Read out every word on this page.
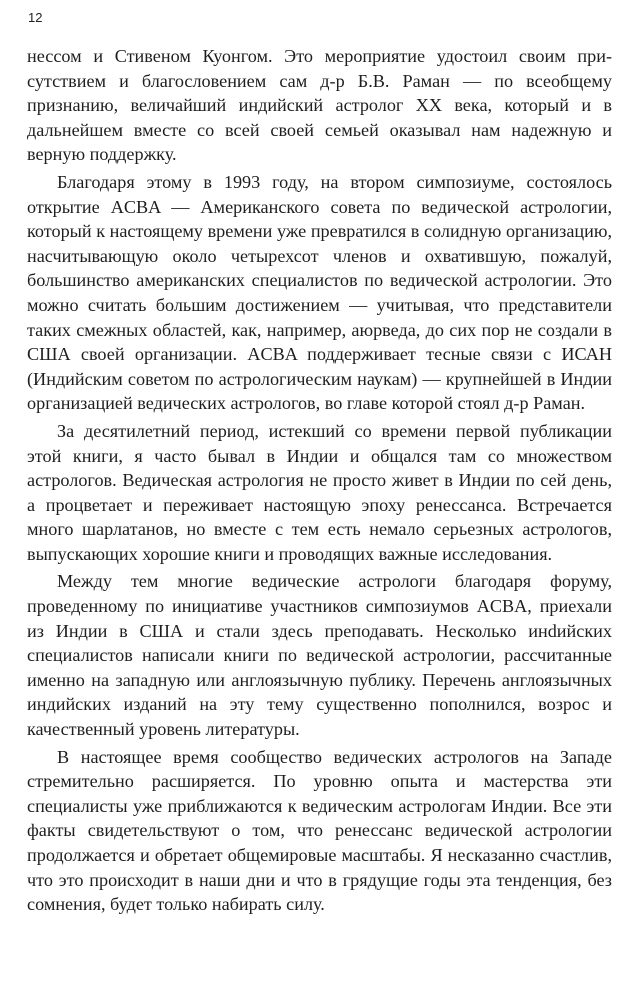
12

нессом и Стивеном Куонгом. Это мероприятие удостоил своим присутствием и благословением сам д-р Б.В. Раман — по всеобщему признанию, величайший индийский астролог XX века, который и в дальнейшем вместе со всей своей семьей оказывал нам надежную и верную поддержку.

Благодаря этому в 1993 году, на втором симпозиуме, состоялось открытие ACBA — Американского совета по ведической астрологии, который к настоящему времени уже превратился в солидную организацию, насчитывающую около четырехсот членов и охватившую, пожалуй, большинство американских специалистов по ведической астрологии. Это можно считать большим достижением — учитывая, что представители таких смежных областей, как, например, аюрведа, до сих пор не создали в США своей организации. ACBA поддерживает тесные связи с ИСАН (Индийским советом по астрологическим наукам) — крупнейшей в Индии организацией ведических астрологов, во главе которой стоял д-р Раман.

За десятилетний период, истекший со времени первой публикации этой книги, я часто бывал в Индии и общался там со множеством астрологов. Ведическая астрология не просто живет в Индии по сей день, а процветает и переживает настоящую эпоху ренессанса. Встречается много шарлатанов, но вместе с тем есть немало серьезных астрологов, выпускающих хорошие книги и проводящих важные исследования.

Между тем многие ведические астрологи благодаря форуму, проведенному по инициативе участников симпозиумов ACBA, приехали из Индии в США и стали здесь преподавать. Несколько инdийских специалистов написали книги по ведической астрологии, рассчитанные именно на западную или англоязычную публику. Перечень англоязычных индийских изданий на эту тему существенно пополнился, возрос и качественный уровень литературы.

В настоящее время сообщество ведических астрологов на Западе стремительно расширяется. По уровню опыта и мастерства эти специалисты уже приближаются к ведическим астрологам Индии. Все эти факты свидетельствуют о том, что ренессанс ведической астрологии продолжается и обретает общемировые масштабы. Я несказанно счастлив, что это происходит в наши дни и что в грядущие годы эта тенденция, без сомнения, будет только набирать силу.
